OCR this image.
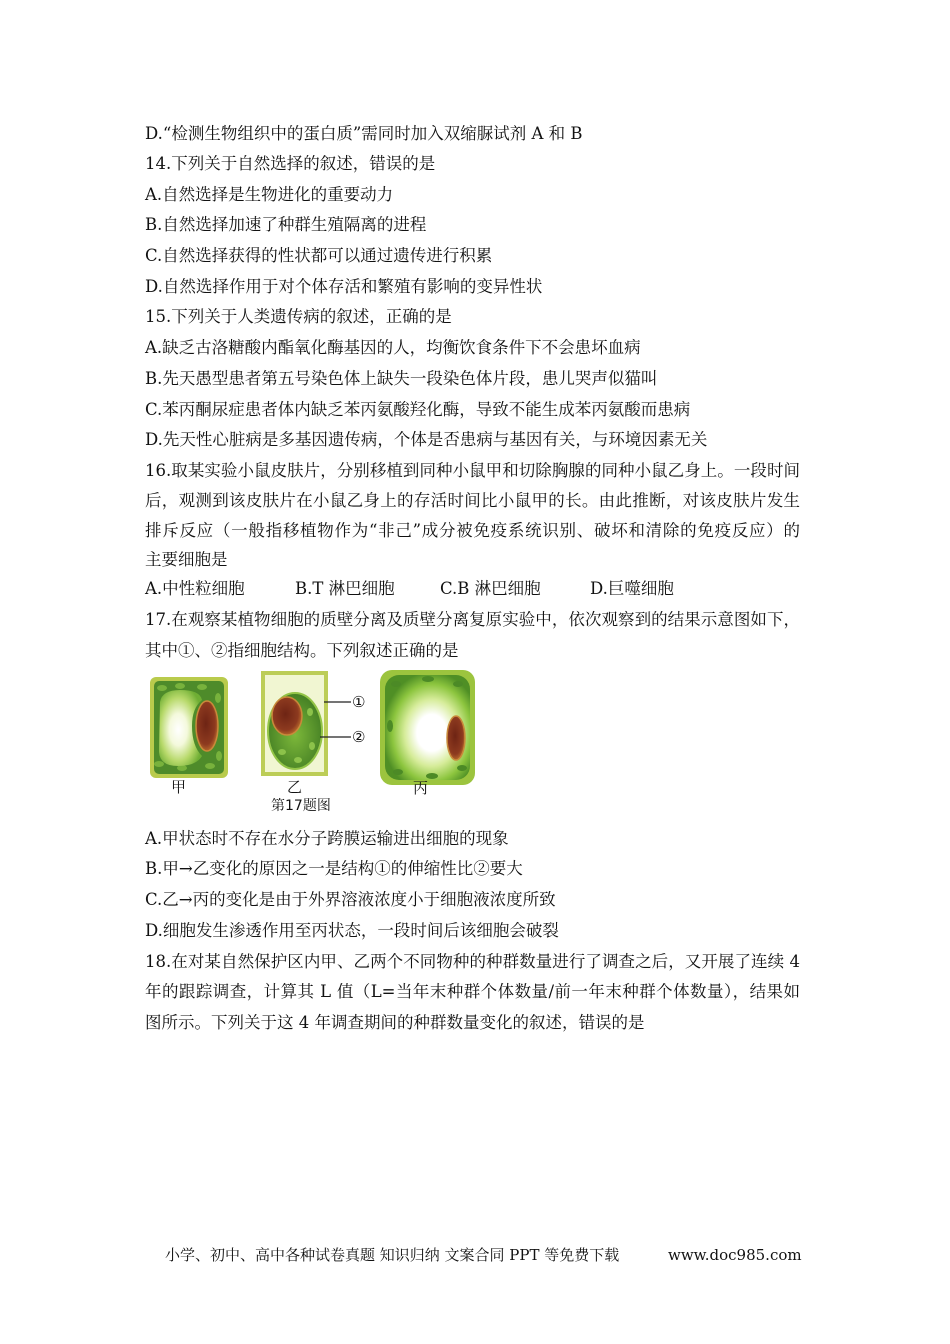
D.“检测生物组织中的蛋白质”需同时加入双缩脲试剂 A 和 B
14.下列关于自然选择的叙述，错误的是
A.自然选择是生物进化的重要动力
B.自然选择加速了种群生殖隔离的进程
C.自然选择获得的性状都可以通过遗传进行积累
D.自然选择作用于对个体存活和繁殖有影响的变异性状
15.下列关于人类遗传病的叙述，正确的是
A.缺乏古洛糖酸内酯氧化酶基因的人，均衡饮食条件下不会患坏血病
B.先天愚型患者第五号染色体上缺失一段染色体片段，患儿哭声似猫叫
C.苯丙酮尿症患者体内缺乏苯丙氨酸羟化酶，导致不能生成苯丙氨酸而患病
D.先天性心脏病是多基因遗传病，个体是否患病与基因有关，与环境因素无关
16.取某实验小鼠皮肤片，分别移植到同种小鼠甲和切除胸腺的同种小鼠乙身上。一段时间
后，观测到该皮肤片在小鼠乙身上的存活时间比小鼠甲的长。由此推断，对该皮肤片发生
排斥反应（一般指移植物作为“非己”成分被免疫系统识别、破坏和清除的免疫反应）的
主要细胞是
A.中性粒细胞	B.T 淋巴细胞	C.B 淋巴细胞	D.巨噬细胞
17.在观察某植物细胞的质壁分离及质壁分离复原实验中，依次观察到的结果示意图如下，
其中①、②指细胞结构。下列叙述正确的是
甲	乙	丙
①
②
第17题图
A.甲状态时不存在水分子跨膜运输进出细胞的现象
B.甲→乙变化的原因之一是结构①的伸缩性比②要大
C.乙→丙的变化是由于外界溶液浓度小于细胞液浓度所致
D.细胞发生渗透作用至丙状态，一段时间后该细胞会破裂
18.在对某自然保护区内甲、乙两个不同物种的种群数量进行了调查之后，又开展了连续 4
年的跟踪调查，计算其 L 值（L=当年末种群个体数量/前一年末种群个体数量），结果如
图所示。下列关于这 4 年调查期间的种群数量变化的叙述，错误的是
小学、初中、高中各种试卷真题 知识归纳 文案合同 PPT 等免费下载	www.doc985.com
